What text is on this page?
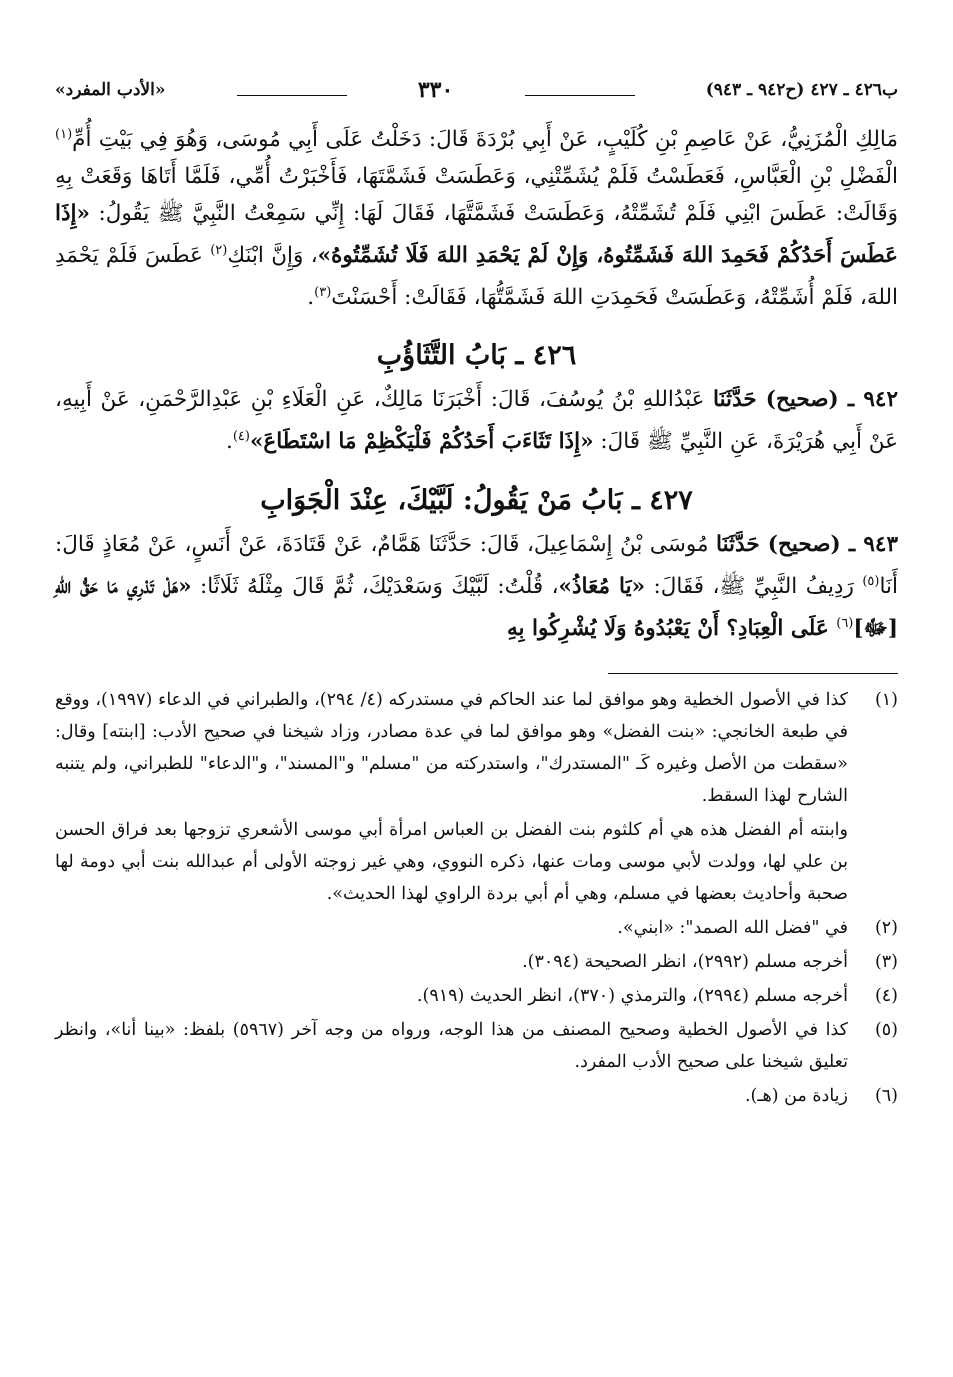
ب٤٢٦ ـ ٤٢٧ (ح٩٤٢ ـ ٩٤٣)
٣٣٠
«الأدب المفرد»

مَالِكِ الْمُزَنِيُّ، عَنْ عَاصِمِ بْنِ كُلَيْبٍ، عَنْ أَبِي بُرْدَةَ قَالَ: دَخَلْتُ عَلَى أَبِي مُوسَى، وَهُوَ فِي بَيْتِ أُمِّ$^{(١)}$ الْفَضْلِ بْنِ الْعَبَّاسِ، فَعَطَسْتُ فَلَمْ يُشَمِّتْنِي، وَعَطَسَتْ فَشَمَّتَهَا، فَأَخْبَرْتُ أُمِّي، فَلَمَّا أَتَاهَا وَقَعَتْ بِهِ وَقَالَتْ: عَطَسَ ابْنِي فَلَمْ تُشَمِّتْهُ، وَعَطَسَتْ فَشَمَّتَّهَا، فَقَالَ لَهَا: إِنِّي سَمِعْتُ النَّبِيَّ ﷺ يَقُولُ: «إِذَا عَطَسَ أَحَدُكُمْ فَحَمِدَ اللهَ فَشَمِّتُوهُ، وَإِنْ لَمْ يَحْمَدِ اللهَ فَلَا تُشَمِّتُوهُ»، وَإِنَّ ابْنَكِ$^{(٢)}$ عَطَسَ فَلَمْ يَحْمَدِ اللهَ، فَلَمْ أُشَمِّتْهُ، وَعَطَسَتْ فَحَمِدَتِ اللهَ فَشَمَّتُّهَا، فَقَالَتْ: أَحْسَنْتَ$^{(٣)}$.

٤٢٦ ـ بَابُ التَّثَاؤُبِ

٩٤٢ ـ (صحيح) حَدَّثَنَا عَبْدُاللهِ بْنُ يُوسُفَ، قَالَ: أَخْبَرَنَا مَالِكٌ، عَنِ الْعَلَاءِ بْنِ عَبْدِالرَّحْمَنِ، عَنْ أَبِيهِ، عَنْ أَبِي هُرَيْرَةَ، عَنِ النَّبِيِّ ﷺ قَالَ: «إِذَا تَثَاءَبَ أَحَدُكُمْ فَلْيَكْظِمْ مَا اسْتَطَاعَ»$^{(٤)}$.

٤٢٧ ـ بَابُ مَنْ يَقُولُ: لَبَّيْكَ، عِنْدَ الْجَوَابِ

٩٤٣ ـ (صحيح) حَدَّثَنَا مُوسَى بْنُ إِسْمَاعِيلَ، قَالَ: حَدَّثَنَا هَمَّامٌ، عَنْ قَتَادَةَ، عَنْ أَنَسٍ، عَنْ مُعَاذٍ قَالَ: أَنَا$^{(٥)}$ رَدِيفُ النَّبِيِّ ﷺ، فَقَالَ: «يَا مُعَاذُ»، قُلْتُ: لَبَّيْكَ وَسَعْدَيْكَ، ثُمَّ قَالَ مِثْلَهُ ثَلَاثًا: «هَلْ تَدْرِي مَا حَقُّ اللهِ [ﷻ]$^{(٦)}$ عَلَى الْعِبَادِ؟ أَنْ يَعْبُدُوهُ وَلَا يُشْرِكُوا بِهِ

(١)
كذا في الأصول الخطية وهو موافق لما عند الحاكم في مستدركه (٤/ ٢٩٤)، والطبراني في الدعاء (١٩٩٧)، ووقع في طبعة الخانجي: «بنت الفضل» وهو موافق لما في عدة مصادر، وزاد شيخنا في صحيح الأدب: [ابنته] وقال: «سقطت من الأصل وغيره كَـ "المستدرك"، واستدركته من "مسلم" و"المسند"، و"الدعاء" للطبراني، ولم يتنبه الشارح لهذا السقط.
وابنته أم الفضل هذه هي أم كلثوم بنت الفضل بن العباس امرأة أبي موسى الأشعري تزوجها بعد فراق الحسن بن علي لها، وولدت لأبي موسى ومات عنها، ذكره النووي، وهي غير زوجته الأولى أم عبدالله بنت أبي دومة لها صحبة وأحاديث بعضها في مسلم، وهي أم أبي بردة الراوي لهذا الحديث».
(٢)
في "فضل الله الصمد": «ابني».
(٣)
أخرجه مسلم (٢٩٩٢)، انظر الصحيحة (٣٠٩٤).
(٤)
أخرجه مسلم (٢٩٩٤)، والترمذي (٣٧٠)، انظر الحديث (٩١٩).
(٥)
كذا في الأصول الخطية وصحيح المصنف من هذا الوجه، ورواه من وجه آخر (٥٩٦٧) بلفظ: «بينا أنا»، وانظر تعليق شيخنا على صحيح الأدب المفرد.
(٦)
زيادة من (هـ).
